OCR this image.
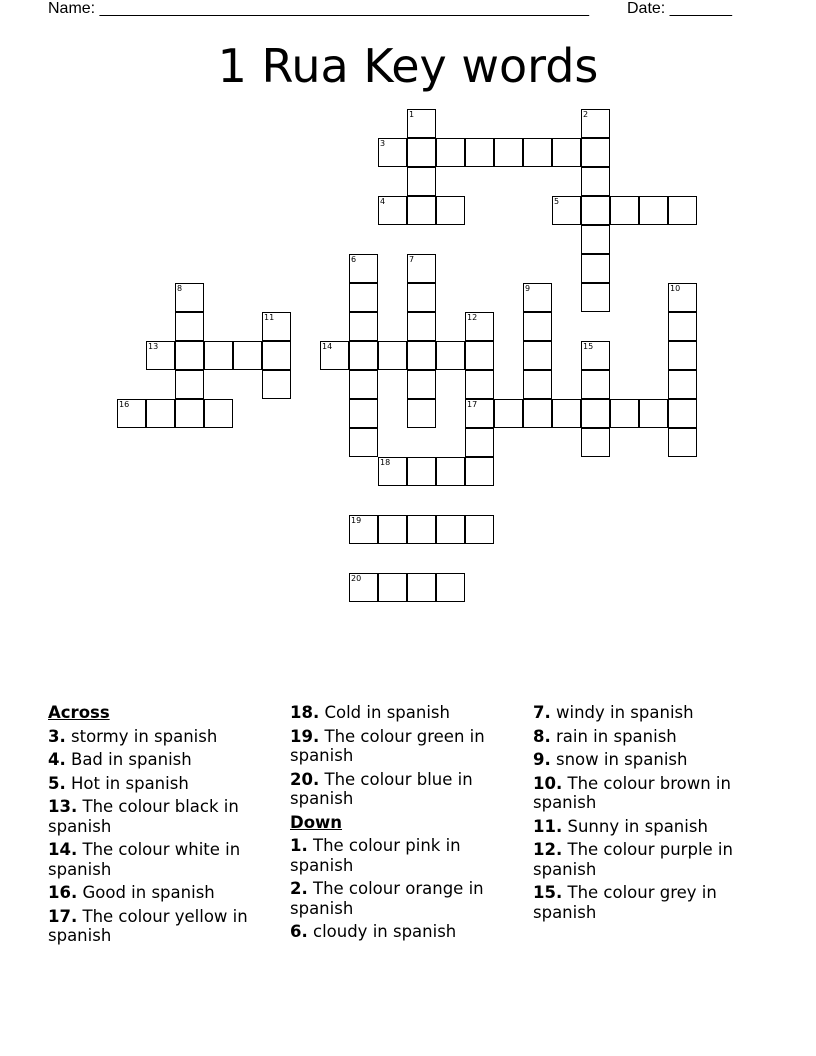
Name: _______________________________________________________ Date: _______
1 Rua Key words
3
1
4
2
5
6	7
14
12
17
18
9
15
10
8
13
11
16
19
20
Across
3. stormy in spanish
4. Bad in spanish
5. Hot in spanish
13. The colour black in spanish
14. The colour white in spanish
16. Good in spanish
17. The colour yellow in spanish
18. Cold in spanish
19. The colour green in spanish
20. The colour blue in spanish
Down
1. The colour pink in spanish
2. The colour orange in spanish
6. cloudy in spanish
7. windy in spanish
8. rain in spanish
9. snow in spanish
10. The colour brown in spanish
11. Sunny in spanish
12. The colour purple in spanish
15. The colour grey in spanish
